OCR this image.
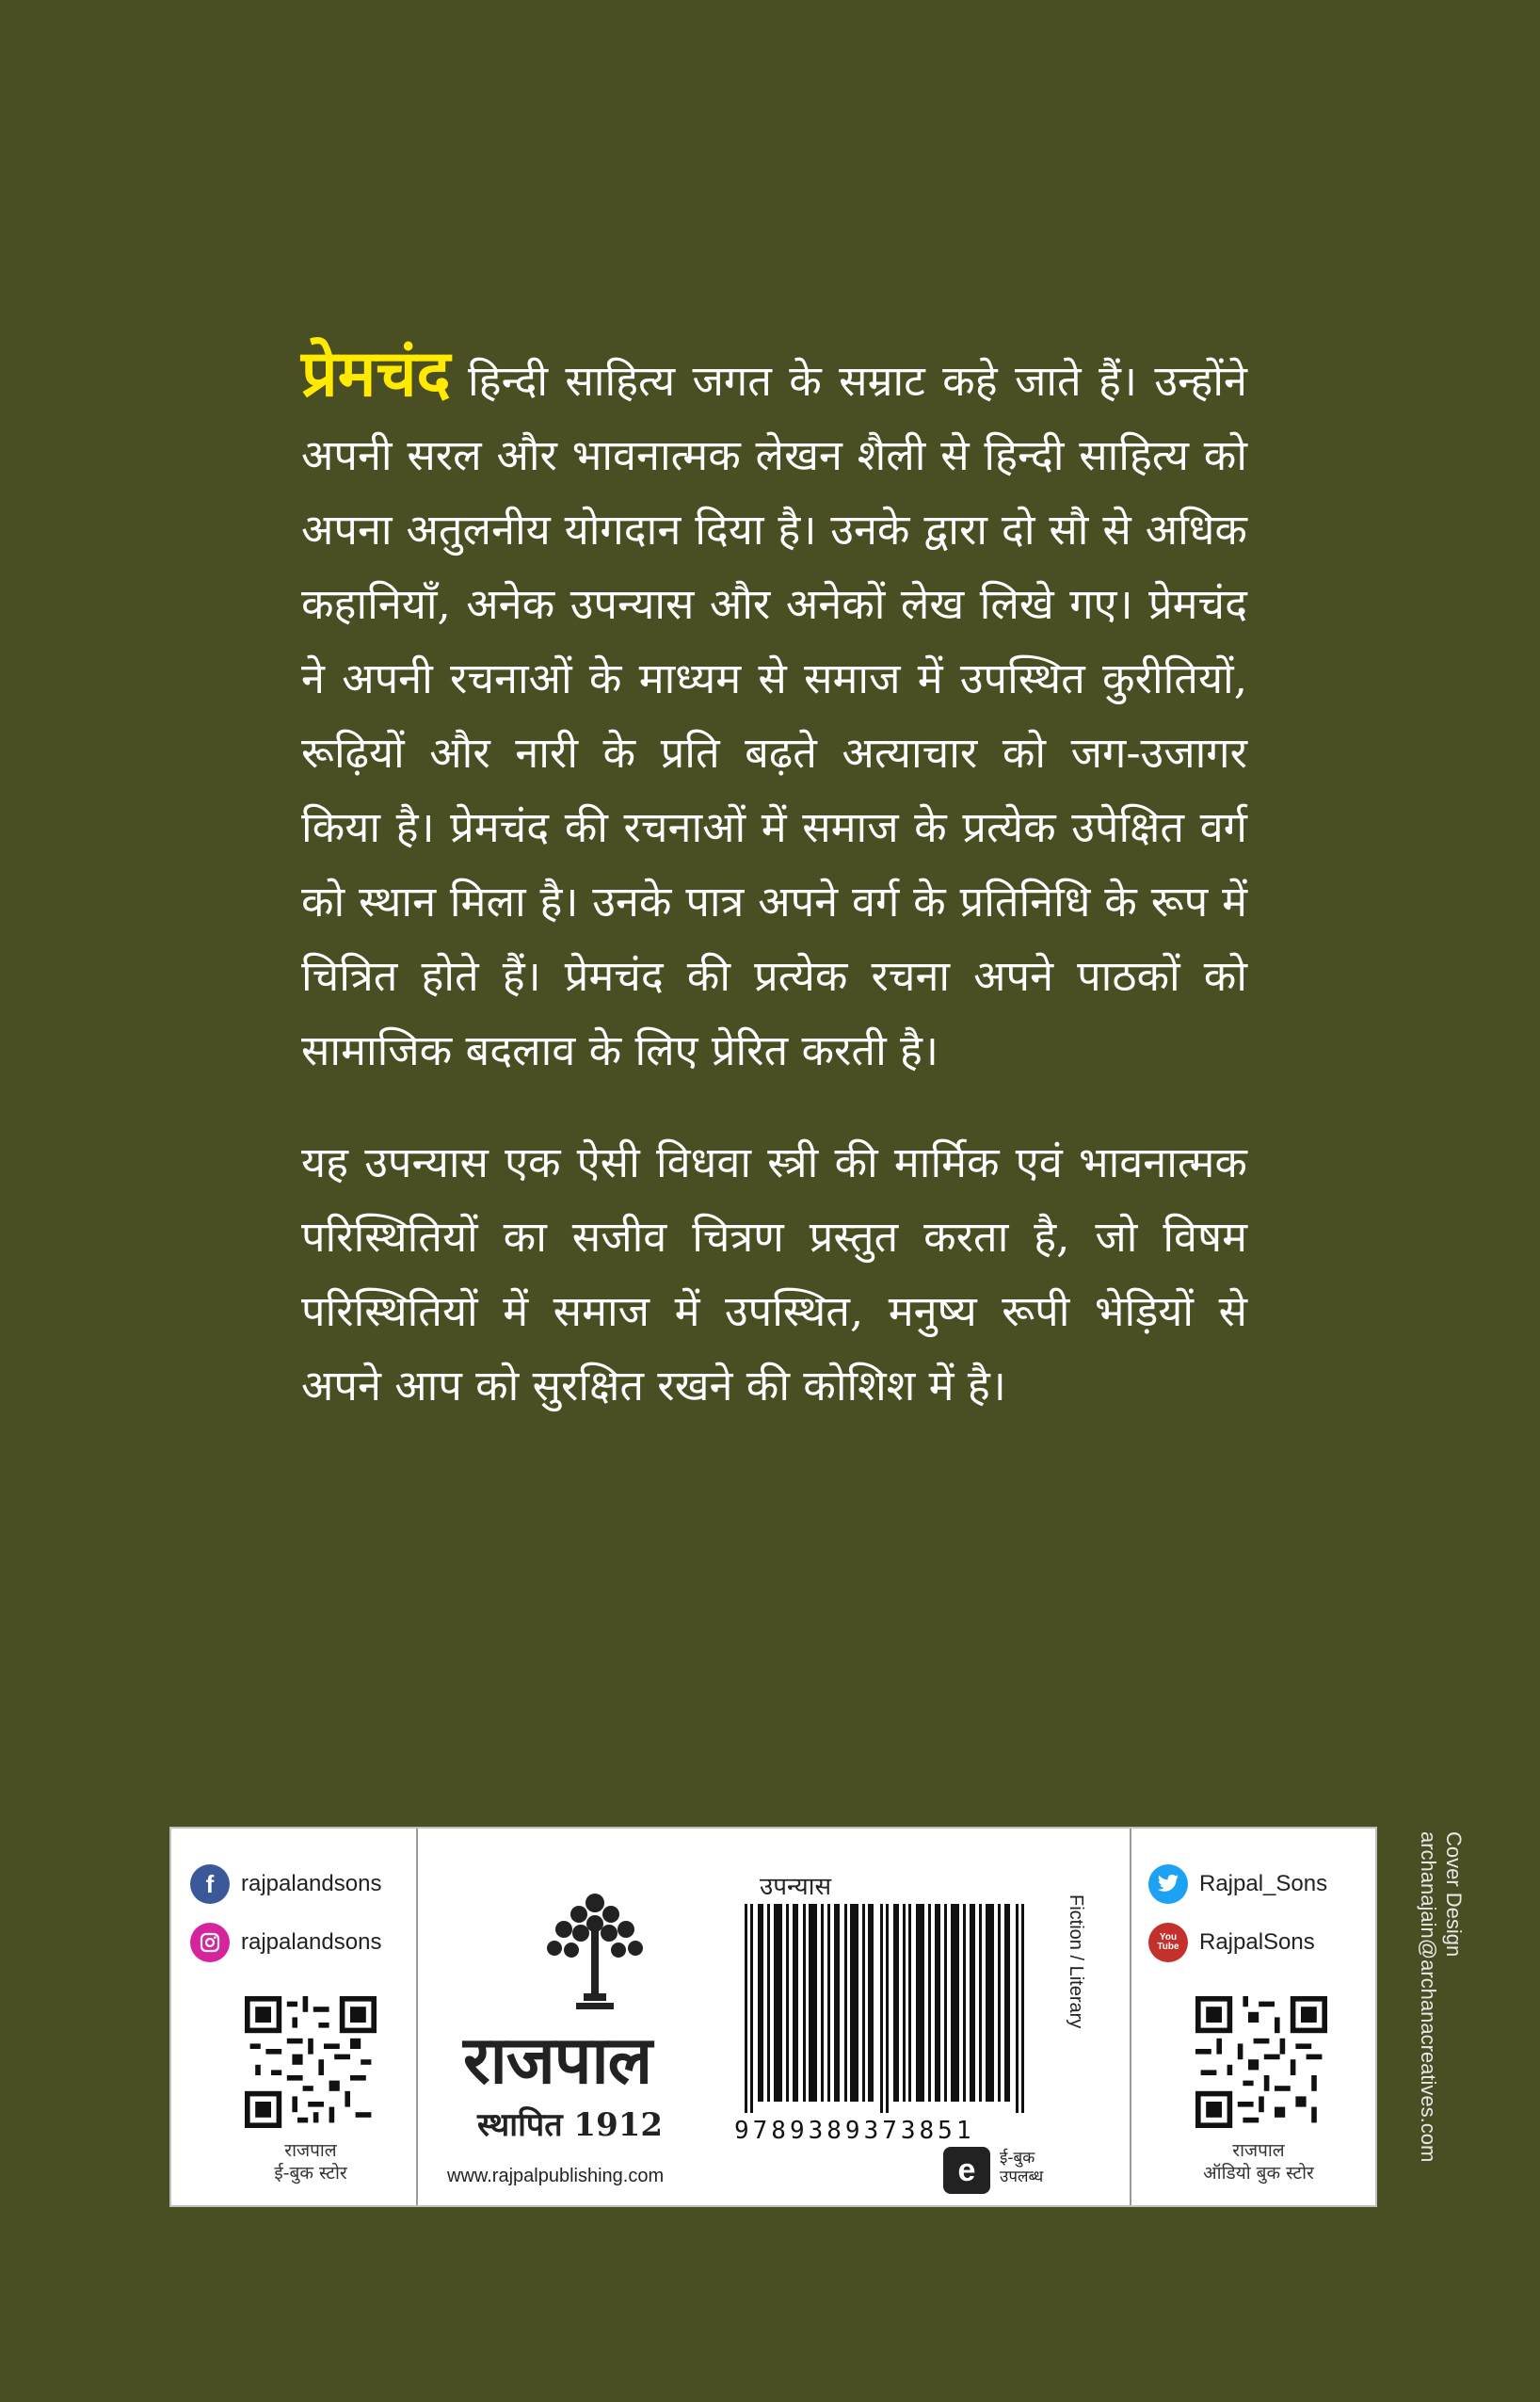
प्रेमचंद हिन्दी साहित्य जगत के सम्राट कहे जाते हैं। उन्होंने अपनी सरल और भावनात्मक लेखन शैली से हिन्दी साहित्य को अपना अतुलनीय योगदान दिया है। उनके द्वारा दो सौ से अधिक कहानियाँ, अनेक उपन्यास और अनेकों लेख लिखे गए। प्रेमचंद ने अपनी रचनाओं के माध्यम से समाज में उपस्थित कुरीतियों, रूढ़ियों और नारी के प्रति बढ़ते अत्याचार को जग-उजागर किया है। प्रेमचंद की रचनाओं में समाज के प्रत्येक उपेक्षित वर्ग को स्थान मिला है। उनके पात्र अपने वर्ग के प्रतिनिधि के रूप में चित्रित होते हैं। प्रेमचंद की प्रत्येक रचना अपने पाठकों को सामाजिक बदलाव के लिए प्रेरित करती है।

यह उपन्यास एक ऐसी विधवा स्त्री की मार्मिक एवं भावनात्मक परिस्थितियों का सजीव चित्रण प्रस्तुत करता है, जो विषम परिस्थितियों में समाज में उपस्थित, मनुष्य रूपी भेड़ियों से अपने आप को सुरक्षित रखने की कोशिश में है।

f	rajpalandsons
rajpalandsons
राजपाल
ई-बुक स्टोर
राजपाल
स्थापित 1912
www.rajpalpublishing.com
उपन्यास
9789389373851
Fiction / Literary
e	ई-बुक
उपलब्ध
Rajpal_Sons
You Tube RajpalSons
राजपाल
ऑडियो बुक स्टोर
Cover Design
archanajain@archanacreatives.com
